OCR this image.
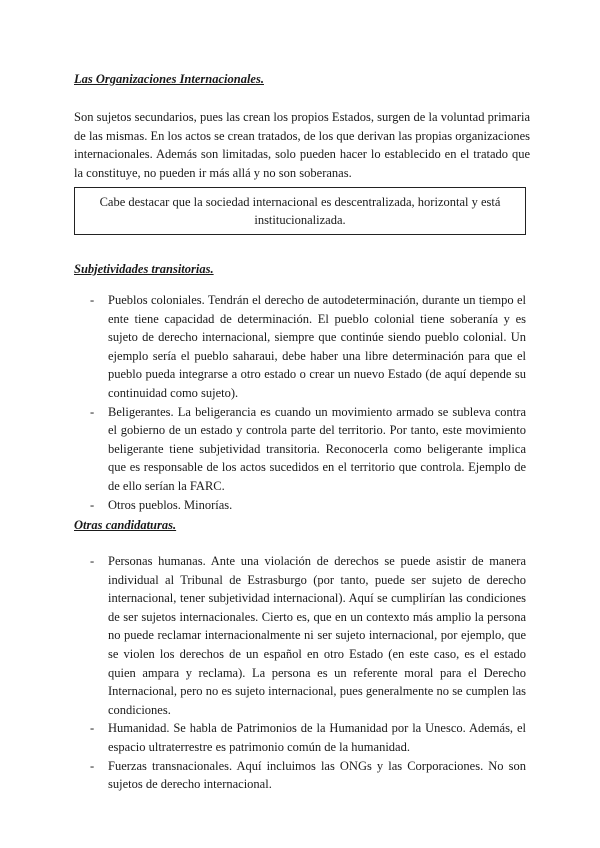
Las Organizaciones Internacionales.

Son sujetos secundarios, pues las crean los propios Estados, surgen de la voluntad primaria de las mismas. En los actos se crean tratados, de los que derivan las propias organizaciones internacionales. Además son limitadas, solo pueden hacer lo establecido en el tratado que la constituye, no pueden ir más allá y no son soberanas.

Cabe destacar que la sociedad internacional es descentralizada, horizontal y está institucionalizada.
Subjetividades transitorias.
- Pueblos coloniales. Tendrán el derecho de autodeterminación, durante un tiempo el ente tiene capacidad de determinación. El pueblo colonial tiene soberanía y es sujeto de derecho internacional, siempre que continúe siendo pueblo colonial. Un ejemplo sería el pueblo saharaui, debe haber una libre determinación para que el pueblo pueda integrarse a otro estado o crear un nuevo Estado (de aquí depende su continuidad como sujeto).
- Beligerantes. La beligerancia es cuando un movimiento armado se subleva contra el gobierno de un estado y controla parte del territorio. Por tanto, este movimiento beligerante tiene subjetividad transitoria. Reconocerla como beligerante implica que es responsable de los actos sucedidos en el territorio que controla. Ejemplo de de ello serían la FARC.
- Otros pueblos. Minorías.
Otras candidaturas.
- Personas humanas. Ante una violación de derechos se puede asistir de manera individual al Tribunal de Estrasburgo (por tanto, puede ser sujeto de derecho internacional, tener subjetividad internacional). Aquí se cumplirían las condiciones de ser sujetos internacionales. Cierto es, que en un contexto más amplio la persona no puede reclamar internacionalmente ni ser sujeto internacional, por ejemplo, que se violen los derechos de un español en otro Estado (en este caso, es el estado quien ampara y reclama). La persona es un referente moral para el Derecho Internacional, pero no es sujeto internacional, pues generalmente no se cumplen las condiciones.
- Humanidad. Se habla de Patrimonios de la Humanidad por la Unesco. Además, el espacio ultraterrestre es patrimonio común de la humanidad.
- Fuerzas transnacionales. Aquí incluimos las ONGs y las Corporaciones. No son sujetos de derecho internacional.
